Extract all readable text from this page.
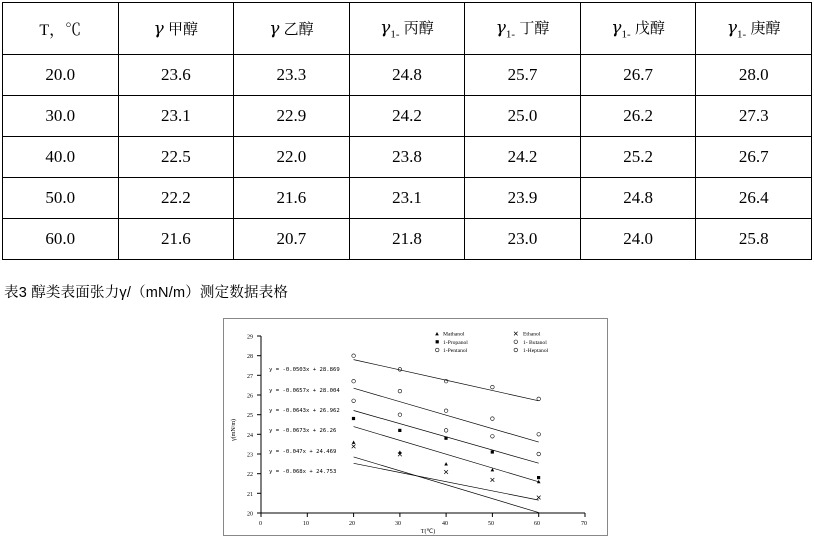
T，℃	γ 甲醇	γ 乙醇	$\gamma_{1-}$ 丙醇	$\gamma_{1-}$ 丁醇	$\gamma_{1-}$ 戊醇	$\gamma_{1-}$ 庚醇
20.0	23.6	23.3	24.8	25.7	26.7	28.0
30.0	23.1	22.9	24.2	25.0	26.2	27.3
40.0	22.5	22.0	23.8	24.2	25.2	26.7
50.0	22.2	21.6	23.1	23.9	24.8	26.4
60.0	21.6	20.7	21.8	23.0	24.0	25.8
表3 醇类表面张力γ/（mN/m）测定数据表格
29
28
27
26
25
24
23
22
21
20
0	10	20	30	40	50	60	70
T(℃)
γ(mN/m)
y = -0.0503x + 28.869
y = -0.0657x + 28.004
y = -0.0643x + 26.962
y = -0.0673x + 26.26
y = -0.047x + 24.469
y = -0.068x + 24.753
Mathanol
1-Propanol
1-Pentanol
Ethanol
1- Butanol
1-Heptanol
